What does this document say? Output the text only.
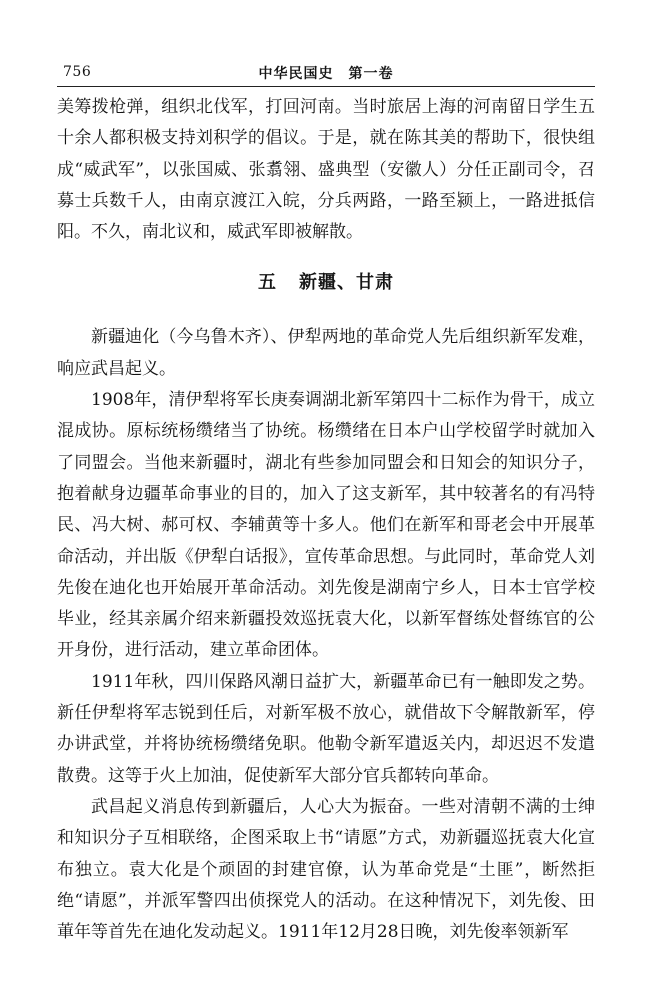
756	中华民国史　第一卷

美筹拨枪弹，组织北伐军，打回河南。当时旅居上海的河南留日学生五十余人都积极支持刘积学的倡议。于是，就在陈其美的帮助下，很快组成“威武军”，以张国威、张翥翎、盛典型（安徽人）分任正副司令，召募士兵数千人，由南京渡江入皖，分兵两路，一路至颍上，一路进抵信阳。不久，南北议和，威武军即被解散。

五 新疆、甘肃

新疆迪化（今乌鲁木齐）、伊犁两地的革命党人先后组织新军发难，响应武昌起义。

1908年，清伊犁将军长庚奏调湖北新军第四十二标作为骨干，成立混成协。原标统杨缵绪当了协统。杨缵绪在日本户山学校留学时就加入了同盟会。当他来新疆时，湖北有些参加同盟会和日知会的知识分子，抱着献身边疆革命事业的目的，加入了这支新军，其中较著名的有冯特民、冯大树、郝可权、李辅黄等十多人。他们在新军和哥老会中开展革命活动，并出版《伊犁白话报》，宣传革命思想。与此同时，革命党人刘先俊在迪化也开始展开革命活动。刘先俊是湖南宁乡人，日本士官学校毕业，经其亲属介绍来新疆投效巡抚袁大化，以新军督练处督练官的公开身份，进行活动，建立革命团体。

1911年秋，四川保路风潮日益扩大，新疆革命已有一触即发之势。新任伊犁将军志锐到任后，对新军极不放心，就借故下令解散新军，停办讲武堂，并将协统杨缵绪免职。他勒令新军遣返关内，却迟迟不发遣散费。这等于火上加油，促使新军大部分官兵都转向革命。

武昌起义消息传到新疆后，人心大为振奋。一些对清朝不满的士绅和知识分子互相联络，企图采取上书“请愿”方式，劝新疆巡抚袁大化宣布独立。袁大化是个顽固的封建官僚，认为革命党是“土匪”，断然拒绝“请愿”，并派军警四出侦探党人的活动。在这种情况下，刘先俊、田莗年等首先在迪化发动起义。1911年12月28日晚，刘先俊率领新军
